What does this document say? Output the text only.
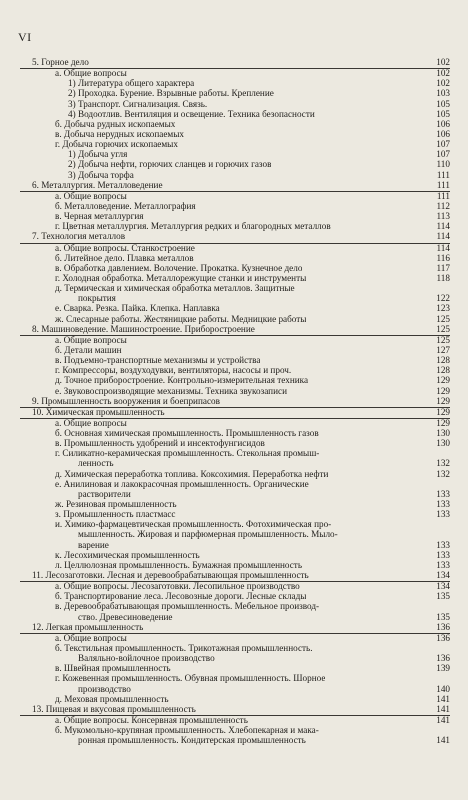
VI
5. Горное дело	102
а. Общие вопросы	102
1) Литература общего характера	102
2) Проходка. Бурение. Взрывные работы. Крепление	103
3) Транспорт. Сигнализация. Связь.	105
4) Водоотлив. Вентиляция и освещение. Техника безопасности	105
б. Добыча рудных ископаемых	106
в. Добыча нерудных ископаемых	106
г. Добыча горючих ископаемых	107
1) Добыча угля	107
2) Добыча нефти, горючих сланцев и горючих газов	110
3) Добыча торфа	111
6. Металлургия. Металловедение	111
а. Общие вопросы	111
б. Металловедение. Металлография	112
в. Черная металлургия	113
г. Цветная металлургия. Металлургия редких и благородных металлов	114
7. Технология металлов	114
а. Общие вопросы. Станкостроение	114
б. Литейное дело. Плавка металлов	116
в. Обработка давлением. Волочение. Прокатка. Кузнечное дело	117
г. Холодная обработка. Металлорежущие станки и инструменты	118
д. Термическая и химическая обработка металлов. Защитные
покрытия	122
е. Сварка. Резка. Пайка. Клепка. Наплавка	123
ж. Слесарные работы. Жестяницкие работы. Медницкие работы	125
8. Машиноведение. Машиностроение. Приборостроение	125
а. Общие вопросы	125
б. Детали машин	127
в. Подъемно-транспортные механизмы и устройства	128
г. Компрессоры, воздуходувки, вентиляторы, насосы и проч.	128
д. Точное приборостроение. Контрольно-измерительная техника	129
е. Звуковоспроизводящие механизмы. Техника звукозаписи	129
9. Промышленность вооружения и боеприпасов	129
10. Химическая промышленность	129
а. Общие вопросы	129
б. Основная химическая промышленность. Промышленность газов	130
в. Промышленность удобрений и инсектофунгисидов	130
г. Силикатно-керамическая промышленность. Стекольная промыш-
ленность	132
д. Химическая переработка топлива. Коксохимия. Переработка нефти	132
е. Анилиновая и лакокрасочная промышленность. Органические
растворители	133
ж. Резиновая промышленность	133
з. Промышленность пластмасс	133
и. Химико-фармацевтическая промышленность. Фотохимическая про-
мышленность. Жировая и парфюмерная промышленность. Мыло-
варение	133
к. Лесохимическая промышленность	133
л. Целлюлозная промышленность. Бумажная промышленность	133
11. Лесозаготовки. Лесная и деревообрабатывающая промышленность	134
а. Общие вопросы. Лесозаготовки. Лесопильное производство	134
б. Транспортирование леса. Лесовозные дороги. Лесные склады	135
в. Деревообрабатывающая промышленность. Мебельное производ-
ство. Древесиноведение	135
12. Легкая промышленность	136
а. Общие вопросы	136
б. Текстильная промышленность. Трикотажная промышленность.
Валяльно-войлочное производство	136
в. Швейная промышленность	139
г. Кожевенная промышленность. Обувная промышленность. Шорное
производство	140
д. Меховая промышленность	141
13. Пищевая и вкусовая промышленность	141
а. Общие вопросы. Консервная промышленность	141
б. Мукомольно-крупяная промышленность. Хлебопекарная и мака-
ронная промышленность. Кондитерская промышленность	141
